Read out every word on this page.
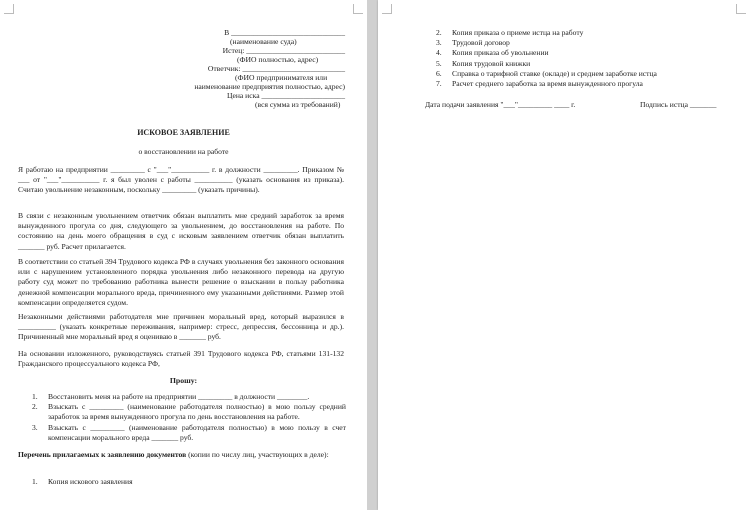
В ______________________________
(наименование суда)
Истец: __________________________
(ФИО полностью, адрес)
Ответчик: ___________________________
(ФИО предпринимателя или
наименование предприятия полностью, адрес)
Цена иска ______________________
(вся сумма из требований)
ИСКОВОЕ ЗАЯВЛЕНИЕ
о восстановлении на работе

Я работаю на предприятии _________ с "___"__________ г. в должности _________. Приказом № ___ от "___"__________ г. я был уволен с работы __________ (указать основания из приказа). Считаю увольнение незаконным, поскольку _________ (указать причины).

В связи с незаконным увольнением ответчик обязан выплатить мне средний заработок за время вынужденного прогула со дня, следующего за увольнением, до восстановления на работе. По состоянию на день моего обращения в суд с исковым заявлением ответчик обязан выплатить _______ руб. Расчет прилагается.

В соответствии со статьей 394 Трудового кодекса РФ в случаях увольнения без законного основания или с нарушением установленного порядка увольнения либо незаконного перевода на другую работу суд может по требованию работника вынести решение о взыскании в пользу работника денежной компенсации морального вреда, причиненного ему указанными действиями. Размер этой компенсации определяется судом.

Незаконными действиями работодателя мне причинен моральный вред, который выразился в __________ (указать конкретные переживания, например: стресс, депрессия, бессонница и др.). Причиненный мне моральный вред я оцениваю в _______ руб.

На основании изложенного, руководствуясь статьей 391 Трудового кодекса РФ, статьями 131-132 Гражданского процессуального кодекса РФ,

Прошу:
1. Восстановить меня на работе на предприятии _________ в должности ________.
2. Взыскать с _________ (наименование работодателя полностью) в мою пользу средний заработок за время вынужденного прогула по день восстановления на работе.
3. Взыскать с _________ (наименование работодателя полностью) в мою пользу в счет компенсации морального вреда _______ руб.

Перечень прилагаемых к заявлению документов (копии по числу лиц, участвующих в деле):

1. Копия искового заявления
2. Копия приказа о приеме истца на работу
3. Трудовой договор
4. Копия приказа об увольнении
5. Копия трудовой книжки
6. Справка о тарифной ставке (окладе) и среднем заработке истца
7. Расчет среднего заработка за время вынужденного прогула
Дата подачи заявления "___"_________ ____ г.	Подпись истца _______
